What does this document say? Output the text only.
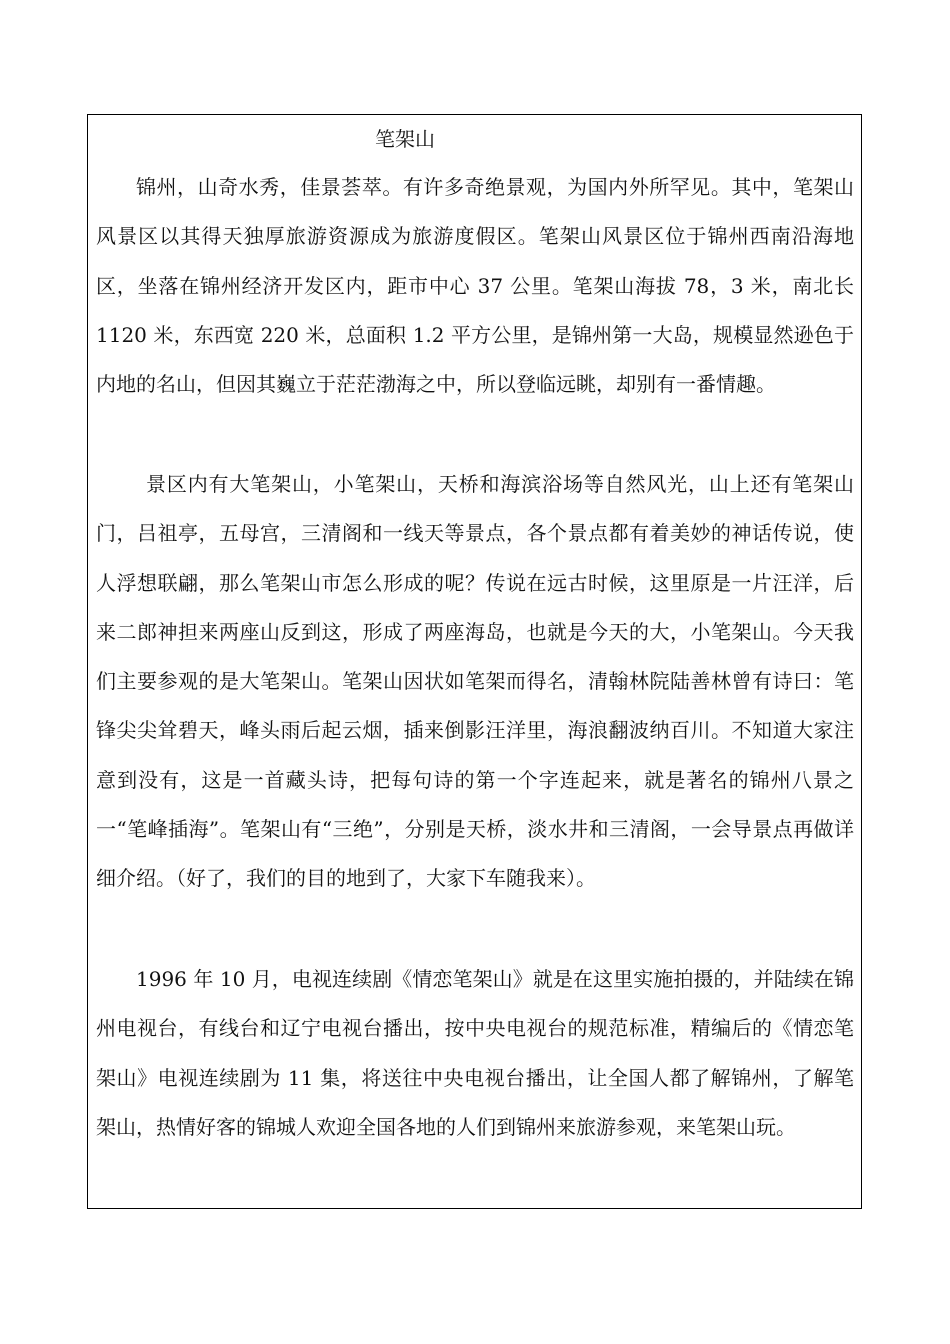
笔架山

锦州，山奇水秀，佳景荟萃。有许多奇绝景观，为国内外所罕见。其中，笔架山风景区以其得天独厚旅游资源成为旅游度假区。笔架山风景区位于锦州西南沿海地区，坐落在锦州经济开发区内，距市中心 37 公里。笔架山海拔 78，3 米，南北长 1120 米，东西宽 220 米，总面积 1.2 平方公里，是锦州第一大岛，规模显然逊色于内地的名山，但因其巍立于茫茫渤海之中，所以登临远眺，却别有一番情趣。

景区内有大笔架山，小笔架山，天桥和海滨浴场等自然风光，山上还有笔架山门，吕祖亭，五母宫，三清阁和一线天等景点，各个景点都有着美妙的神话传说，使人浮想联翩，那么笔架山市怎么形成的呢？传说在远古时候，这里原是一片汪洋，后来二郎神担来两座山反到这，形成了两座海岛，也就是今天的大，小笔架山。今天我们主要参观的是大笔架山。笔架山因状如笔架而得名，清翰林院陆善林曾有诗曰：笔锋尖尖耸碧天，峰头雨后起云烟，插来倒影汪洋里，海浪翻波纳百川。不知道大家注意到没有，这是一首藏头诗，把每句诗的第一个字连起来，就是著名的锦州八景之一“笔峰插海”。笔架山有“三绝”，分别是天桥，淡水井和三清阁，一会导景点再做详细介绍。（好了，我们的目的地到了，大家下车随我来）。

1996 年 10 月，电视连续剧《情恋笔架山》就是在这里实施拍摄的，并陆续在锦州电视台，有线台和辽宁电视台播出，按中央电视台的规范标准，精编后的《情恋笔架山》电视连续剧为 11 集，将送往中央电视台播出，让全国人都了解锦州，了解笔架山，热情好客的锦城人欢迎全国各地的人们到锦州来旅游参观，来笔架山玩。
